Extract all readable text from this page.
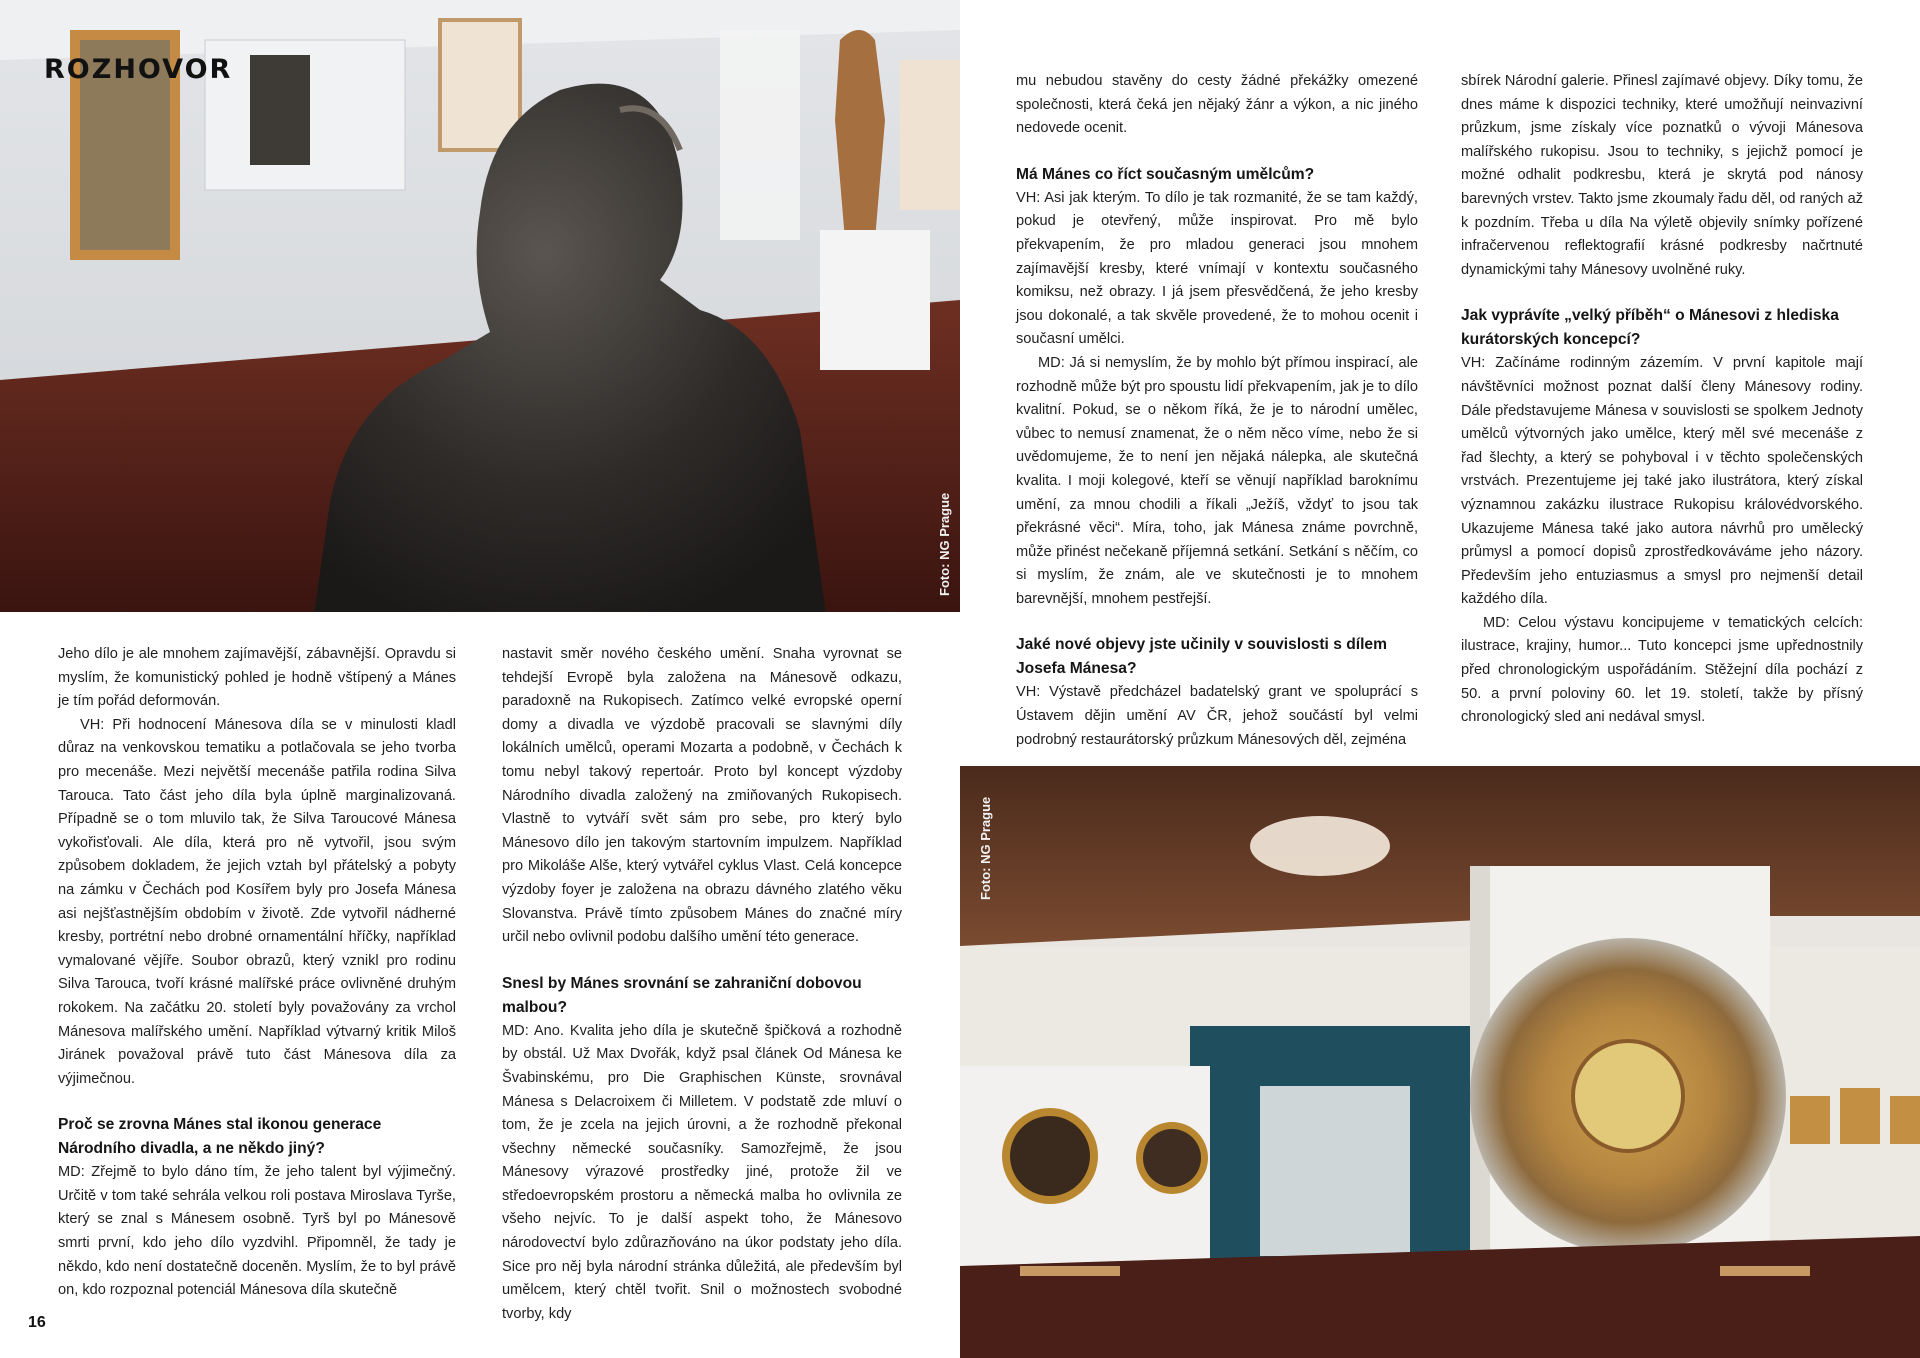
ROZHOVOR
Foto: NG Prague
Foto: NG Prague

Jeho dílo je ale mnohem zajímavější, zábavnější. Opravdu si myslím, že komunistický pohled je hodně vštípený a Mánes je tím pořád deformován.

VH: Při hodnocení Mánesova díla se v minulosti kladl důraz na venkovskou tematiku a potlačovala se jeho tvorba pro mecenáše. Mezi největší mecenáše patřila rodina Silva Tarouca. Tato část jeho díla byla úplně marginalizovaná. Případně se o tom mluvilo tak, že Silva Taroucové Mánesa vykořisťovali. Ale díla, která pro ně vytvořil, jsou svým způsobem dokladem, že jejich vztah byl přátelský a pobyty na zámku v Čechách pod Kosířem byly pro Josefa Mánesa asi nejšťastnějším obdobím v životě. Zde vytvořil nádherné kresby, portrétní nebo drobné ornamentální hříčky, například vymalované vějíře. Soubor obrazů, který vznikl pro rodinu Silva Tarouca, tvoří krásné malířské práce ovlivněné druhým rokokem. Na začátku 20. století byly považovány za vrchol Mánesova malířského umění. Například výtvarný kritik Miloš Jiránek považoval právě tuto část Mánesova díla za výjimečnou.

Proč se zrovna Mánes stal ikonou generace Národního divadla, a ne někdo jiný?

MD: Zřejmě to bylo dáno tím, že jeho talent byl výjimečný. Určitě v tom také sehrála velkou roli postava Miroslava Tyrše, který se znal s Mánesem osobně. Tyrš byl po Mánesově smrti první, kdo jeho dílo vyzdvihl. Připomněl, že tady je někdo, kdo není dostatečně doceněn. Myslím, že to byl právě on, kdo rozpoznal potenciál Mánesova díla skutečně

nastavit směr nového českého umění. Snaha vyrovnat se tehdejší Evropě byla založena na Mánesově odkazu, paradoxně na Rukopisech. Zatímco velké evropské operní domy a divadla ve výzdobě pracovali se slavnými díly lokálních umělců, operami Mozarta a podobně, v Čechách k tomu nebyl takový repertoár. Proto byl koncept výzdoby Národního divadla založený na zmiňovaných Rukopisech. Vlastně to vytváří svět sám pro sebe, pro který bylo Mánesovo dílo jen takovým startovním impulzem. Například pro Mikoláše Alše, který vytvářel cyklus Vlast. Celá koncepce výzdoby foyer je založena na obrazu dávného zlatého věku Slovanstva. Právě tímto způsobem Mánes do značné míry určil nebo ovlivnil podobu dalšího umění této generace.

Snesl by Mánes srovnání se zahraniční dobovou malbou?

MD: Ano. Kvalita jeho díla je skutečně špičková a rozhodně by obstál. Už Max Dvořák, když psal článek Od Mánesa ke Švabinskému, pro Die Graphischen Künste, srovnával Mánesa s Delacroixem či Milletem. V podstatě zde mluví o tom, že je zcela na jejich úrovni, a že rozhodně překonal všechny německé současníky. Samozřejmě, že jsou Mánesovy výrazové prostředky jiné, protože žil ve středoevropském prostoru a německá malba ho ovlivnila ze všeho nejvíc. To je další aspekt toho, že Mánesovo národovectví bylo zdůrazňováno na úkor podstaty jeho díla. Sice pro něj byla národní stránka důležitá, ale především byl umělcem, který chtěl tvořit. Snil o možnostech svobodné tvorby, kdy

mu nebudou stavěny do cesty žádné překážky omezené společnosti, která čeká jen nějaký žánr a výkon, a nic jiného nedovede ocenit.

Má Mánes co říct současným umělcům?

VH: Asi jak kterým. To dílo je tak rozmanité, že se tam každý, pokud je otevřený, může inspirovat. Pro mě bylo překvapením, že pro mladou generaci jsou mnohem zajímavější kresby, které vnímají v kontextu současného komiksu, než obrazy. I já jsem přesvědčená, že jeho kresby jsou dokonalé, a tak skvěle provedené, že to mohou ocenit i současní umělci.

MD: Já si nemyslím, že by mohlo být přímou inspirací, ale rozhodně může být pro spoustu lidí překvapením, jak je to dílo kvalitní. Pokud, se o někom říká, že je to národní umělec, vůbec to nemusí znamenat, že o něm něco víme, nebo že si uvědomujeme, že to není jen nějaká nálepka, ale skutečná kvalita. I moji kolegové, kteří se věnují například baroknímu umění, za mnou chodili a říkali „Ježíš, vždyť to jsou tak překrásné věci“. Míra, toho, jak Mánesa známe povrchně, může přinést nečekaně příjemná setkání. Setkání s něčím, co si myslím, že znám, ale ve skutečnosti je to mnohem barevnější, mnohem pestřejší.

Jaké nové objevy jste učinily v souvislosti s dílem Josefa Mánesa?

VH: Výstavě předcházel badatelský grant ve spoluprácí s Ústavem dějin umění AV ČR, jehož součástí byl velmi podrobný restaurátorský průzkum Mánesových děl, zejména

sbírek Národní galerie. Přinesl zajímavé objevy. Díky tomu, že dnes máme k dispozici techniky, které umožňují neinvazivní průzkum, jsme získaly více poznatků o vývoji Mánesova malířského rukopisu. Jsou to techniky, s jejichž pomocí je možné odhalit podkresbu, která je skrytá pod nánosy barevných vrstev. Takto jsme zkoumaly řadu děl, od raných až k pozdním. Třeba u díla Na výletě objevily snímky pořízené infračervenou reflektografií krásné podkresby načrtnuté dynamickými tahy Mánesovy uvolněné ruky.

Jak vyprávíte „velký příběh“ o Mánesovi z hlediska kurátorských koncepcí?

VH: Začínáme rodinným zázemím. V první kapitole mají návštěvníci možnost poznat další členy Mánesovy rodiny. Dále představujeme Mánesa v souvislosti se spolkem Jednoty umělců výtvorných jako umělce, který měl své mecenáše z řad šlechty, a který se pohyboval i v těchto společenských vrstvách. Prezentujeme jej také jako ilustrátora, který získal významnou zakázku ilustrace Rukopisu královédvorského. Ukazujeme Mánesa také jako autora návrhů pro umělecký průmysl a pomocí dopisů zprostředkováváme jeho názory. Především jeho entuziasmus a smysl pro nejmenší detail každého díla.

MD: Celou výstavu koncipujeme v tematických celcích: ilustrace, krajiny, humor... Tuto koncepci jsme upřednostnily před chronologickým uspořádáním. Stěžejní díla pochází z 50. a první poloviny 60. let 19. století, takže by přísný chronologický sled ani nedával smysl.

16
